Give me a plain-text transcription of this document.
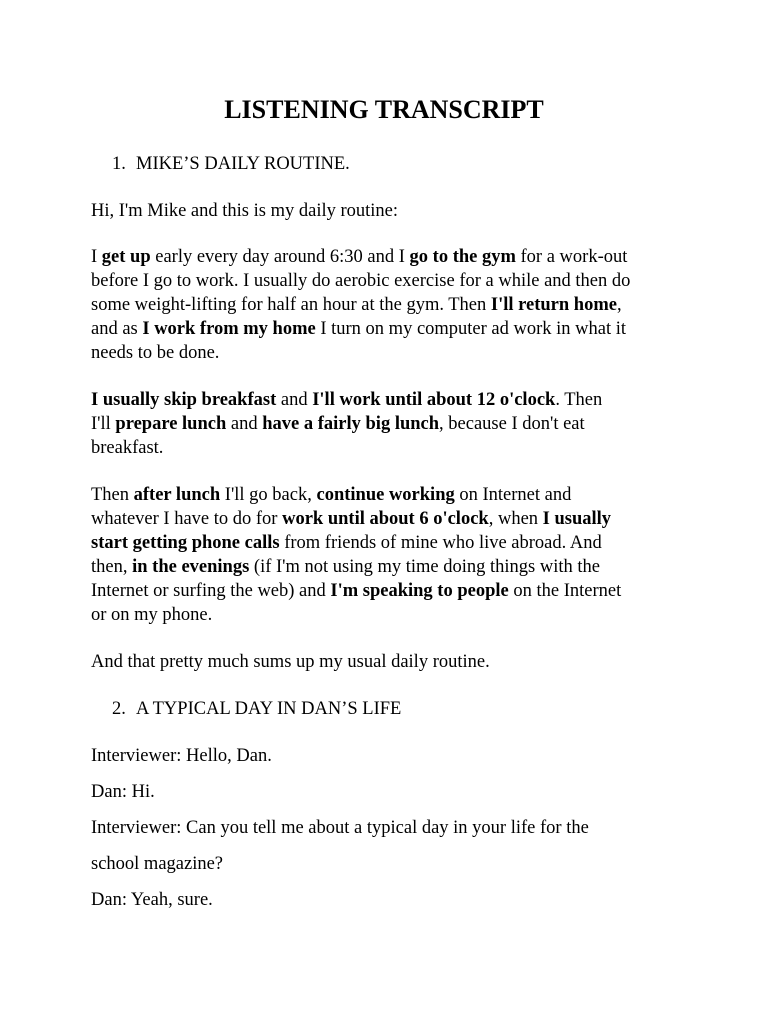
LISTENING TRANSCRIPT

1. MIKE’S DAILY ROUTINE.

Hi, I'm Mike and this is my daily routine:

I get up early every day around 6:30 and I go to the gym for a work-out
before I go to work. I usually do aerobic exercise for a while and then do
some weight-lifting for half an hour at the gym. Then I'll return home,
and as I work from my home I turn on my computer ad work in what it
needs to be done.

I usually skip breakfast and I'll work until about 12 o'clock. Then
I'll prepare lunch and have a fairly big lunch, because I don't eat
breakfast.

Then after lunch I'll go back, continue working on Internet and
whatever I have to do for work until about 6 o'clock, when I usually
start getting phone calls from friends of mine who live abroad. And
then, in the evenings (if I'm not using my time doing things with the
Internet or surfing the web) and I'm speaking to people on the Internet
or on my phone.

And that pretty much sums up my usual daily routine.

2. A TYPICAL DAY IN DAN’S LIFE

Interviewer: Hello, Dan.

Dan: Hi.

Interviewer: Can you tell me about a typical day in your life for the

school magazine?

Dan: Yeah, sure.
